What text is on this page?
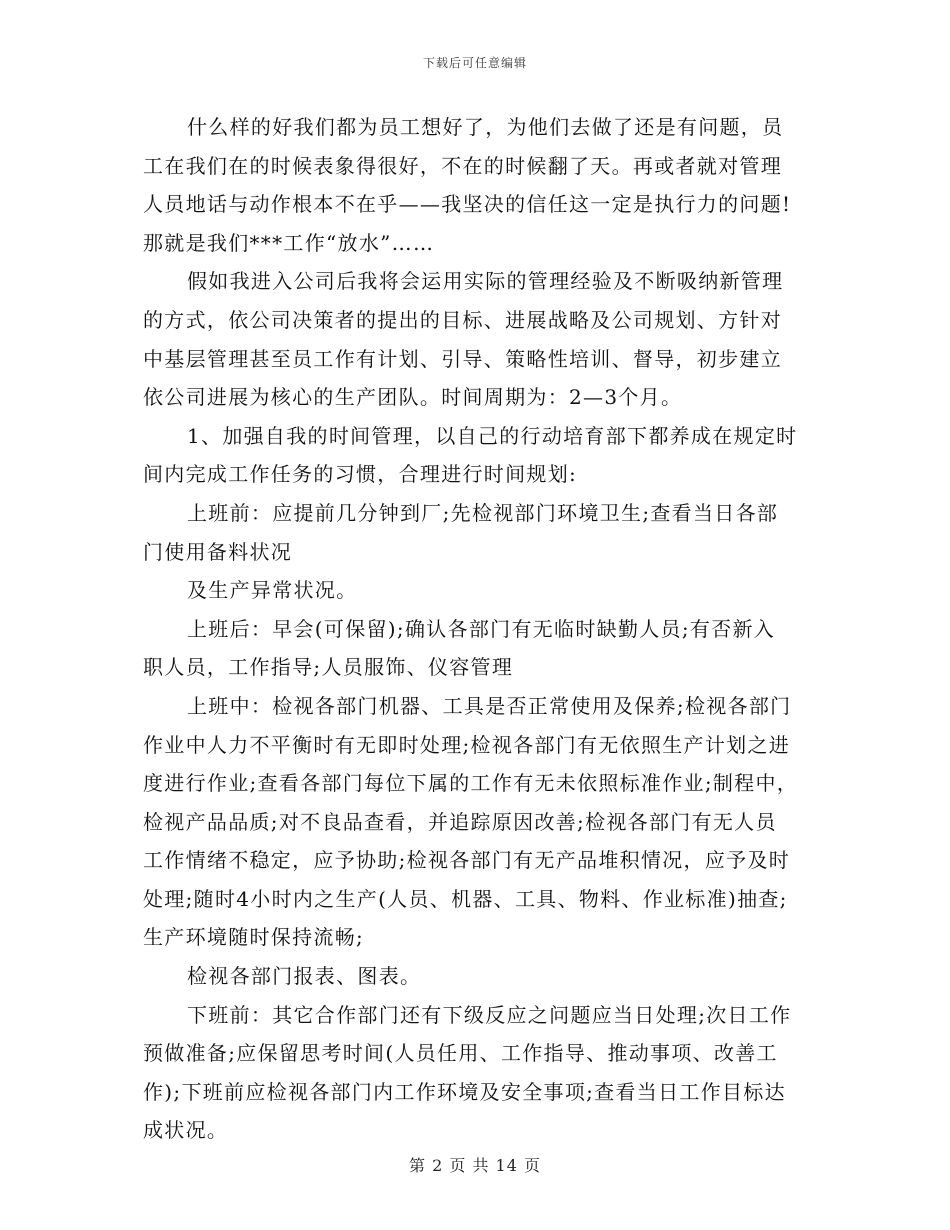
下载后可任意编辑
什么样的好我们都为员工想好了，为他们去做了还是有问题，员
工在我们在的时候表象得很好，不在的时候翻了天。再或者就对管理
人员地话与动作根本不在乎——我坚决的信任这一定是执行力的问题!
那就是我们***工作“放水”……
假如我进入公司后我将会运用实际的管理经验及不断吸纳新管理
的方式，依公司决策者的提出的目标、进展战略及公司规划、方针对
中基层管理甚至员工作有计划、引导、策略性培训、督导，初步建立
依公司进展为核心的生产团队。时间周期为：2—3个月。
1、加强自我的时间管理，以自己的行动培育部下都养成在规定时
间内完成工作任务的习惯，合理进行时间规划:
上班前：应提前几分钟到厂;先检视部门环境卫生;查看当日各部
门使用备料状况
及生产异常状况。
上班后：早会(可保留);确认各部门有无临时缺勤人员;有否新入
职人员，工作指导;人员服饰、仪容管理
上班中：检视各部门机器、工具是否正常使用及保养;检视各部门
作业中人力不平衡时有无即时处理;检视各部门有无依照生产计划之进
度进行作业;查看各部门每位下属的工作有无未依照标准作业;制程中，
检视产品品质;对不良品查看，并追踪原因改善;检视各部门有无人员
工作情绪不稳定，应予协助;检视各部门有无产品堆积情况，应予及时
处理;随时4小时内之生产(人员、机器、工具、物料、作业标准)抽查;
生产环境随时保持流畅;
检视各部门报表、图表。
下班前：其它合作部门还有下级反应之问题应当日处理;次日工作
预做准备;应保留思考时间(人员任用、工作指导、推动事项、改善工
作);下班前应检视各部门内工作环境及安全事项;查看当日工作目标达
成状况。
第 2 页 共 14 页
